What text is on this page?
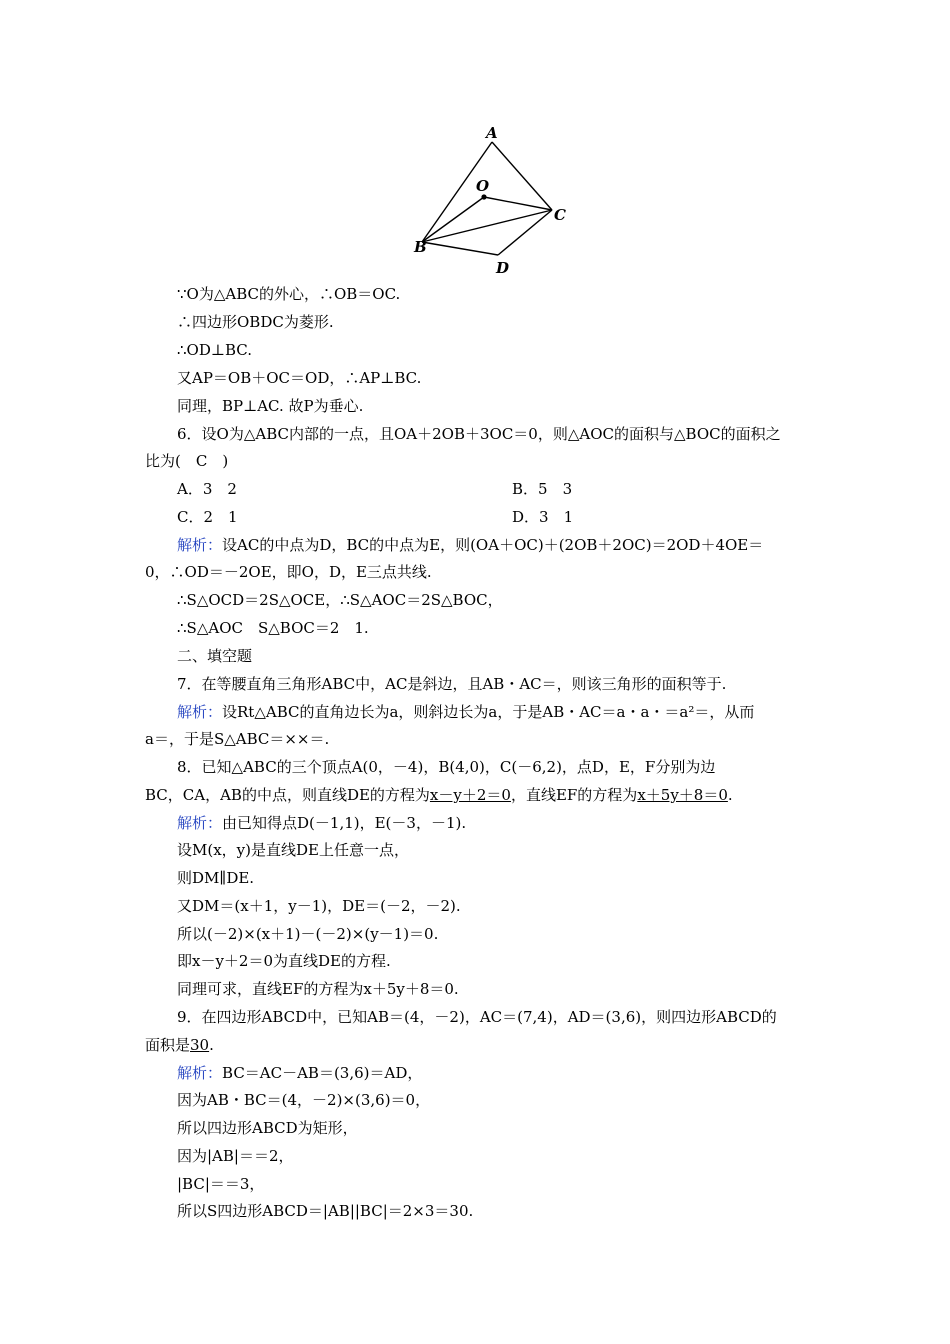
A
O
B
C
D
∵O为△ABC的外心，∴OB＝OC.
∴四边形OBDC为菱形.
∴OD⊥BC.
又AP＝OB＋OC＝OD，∴AP⊥BC.
同理，BP⊥AC. 故P为垂心.
6．设O为△ABC内部的一点，且OA＋2OB＋3OC＝0，则△AOC的面积与△BOC的面积之
比为(　C　)
A．3　2	B．5　3
C．2　1	D．3　1
解析：设AC的中点为D，BC的中点为E，则(OA＋OC)＋(2OB＋2OC)＝2OD＋4OE＝
0，∴OD＝－2OE，即O，D，E三点共线.
∴S△OCD＝2S△OCE，∴S△AOC＝2S△BOC，
∴S△AOC　S△BOC＝2　1.
二、填空题
7．在等腰直角三角形ABC中，AC是斜边，且AB・AC＝，则该三角形的面积等于.
解析：设Rt△ABC的直角边长为a，则斜边长为a，于是AB・AC＝a・a・＝a²＝，从而
a＝，于是S△ABC＝××＝.
8．已知△ABC的三个顶点A(0，－4)，B(4,0)，C(－6,2)，点D，E，F分别为边
BC，CA，AB的中点，则直线DE的方程为x－y＋2＝0，直线EF的方程为x＋5y＋8＝0.
解析：由已知得点D(－1,1)，E(－3，－1).
设M(x，y)是直线DE上任意一点，
则DM∥DE.
又DM＝(x＋1，y－1)，DE＝(－2，－2).
所以(－2)×(x＋1)－(－2)×(y－1)＝0.
即x－y＋2＝0为直线DE的方程.
同理可求，直线EF的方程为x＋5y＋8＝0.
9．在四边形ABCD中，已知AB＝(4，－2)，AC＝(7,4)，AD＝(3,6)，则四边形ABCD的
面积是30.
解析：BC＝AC－AB＝(3,6)＝AD，
因为AB・BC＝(4，－2)×(3,6)＝0，
所以四边形ABCD为矩形，
因为|AB|＝＝2，
|BC|＝＝3，
所以S四边形ABCD＝|AB||BC|＝2×3＝30.
